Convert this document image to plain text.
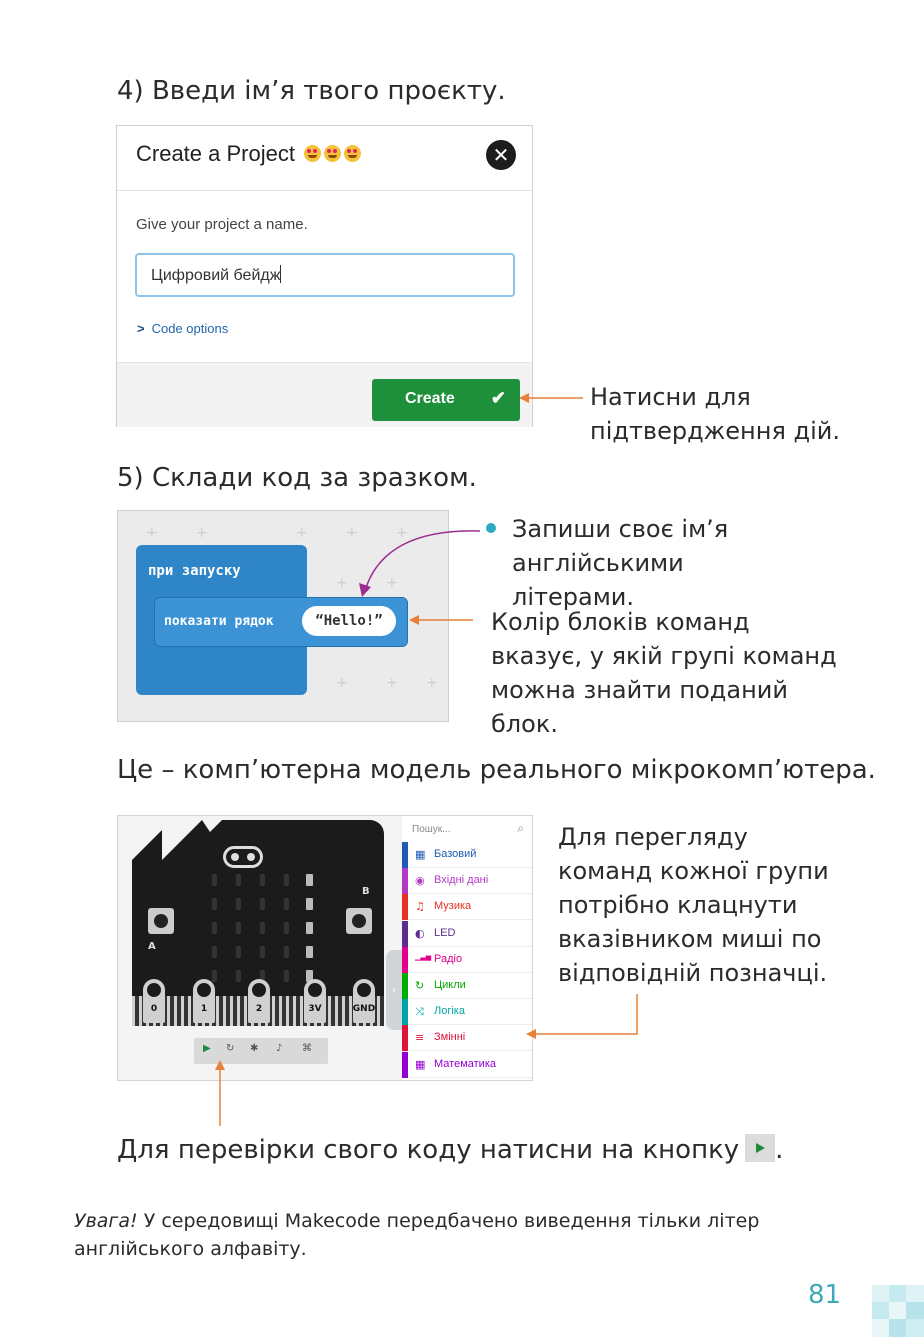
4) Введи ім’я твого проєкту.
Create a Project	✕
Give your project a name.
Цифровий бейдж
> Code options
Create ✔	Натисни для підтвердження дій.
5) Склади код за зразком.
+	+	+	+	+
+	+
+	+ +
при запуску
показати рядок	“Hello!”
Запиши своє ім’я англійськими літерами.
Колір блоків команд вказує, у якій групі команд можна знайти поданий блок.
Це – комп’ютерна модель реального мікрокомп’ютера.
A
B
0	1	2	3V	GND
▶ ↻ ✱ ♪ ⌘
‹
Пошук...	⌕
▦ Базовий
◉ Вхідні дані
♫ Музика
◐ LED
▁▃▅ Радіо
↻ Цикли
⤨ Логіка
≡ Змінні
▦ Математика
Для перегляду команд кожної групи потрібно клацнути вказівником миші по відповідній позначці.
Для перевірки свого коду натисни на кнопку .
Увага! У середовищі Makecode передбачено виведення тільки літер англійського алфавіту.
81
